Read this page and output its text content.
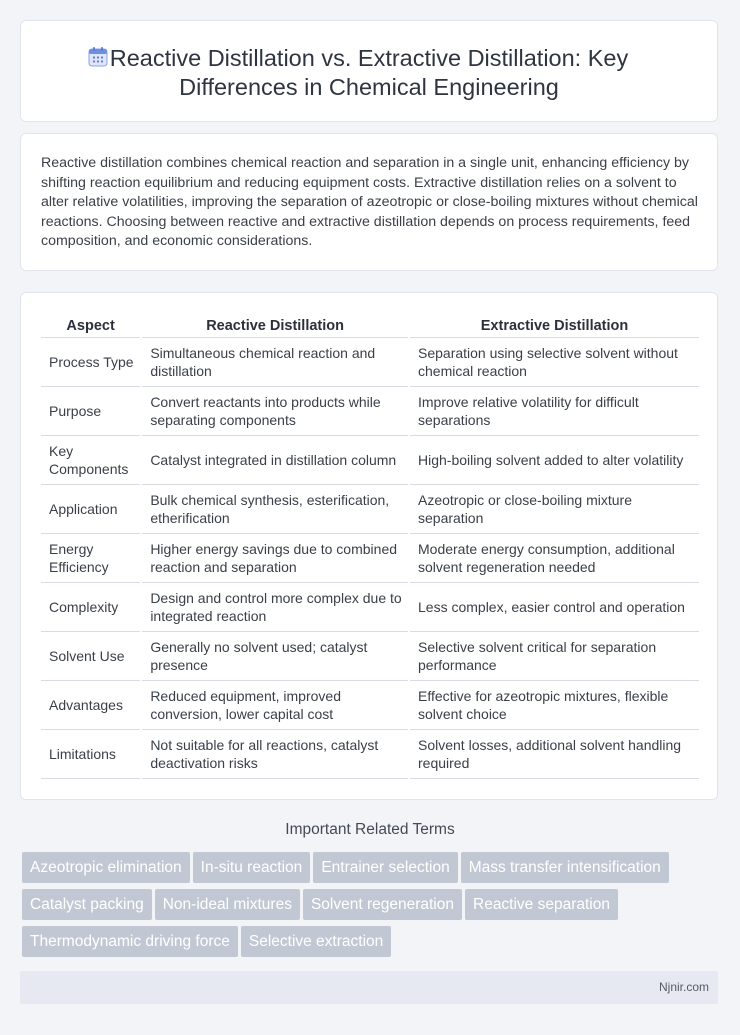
Reactive Distillation vs. Extractive Distillation: Key
Differences in Chemical Engineering
Reactive distillation combines chemical reaction and separation in a single unit, enhancing efficiency by shifting reaction equilibrium and reducing equipment costs. Extractive distillation relies on a solvent to alter relative volatilities, improving the separation of azeotropic or close-boiling mixtures without chemical reactions. Choosing between reactive and extractive distillation depends on process requirements, feed composition, and economic considerations.
Aspect		Reactive Distillation		Extractive Distillation
Process Type		Simultaneous chemical reaction and distillation		Separation using selective solvent without chemical reaction
Purpose		Convert reactants into products while separating components		Improve relative volatility for difficult separations
Key Components		Catalyst integrated in distillation column		High-boiling solvent added to alter volatility
Application		Bulk chemical synthesis, esterification, etherification		Azeotropic or close-boiling mixture separation
Energy Efficiency		Higher energy savings due to combined reaction and separation		Moderate energy consumption, additional solvent regeneration needed
Complexity		Design and control more complex due to integrated reaction		Less complex, easier control and operation
Solvent Use		Generally no solvent used; catalyst presence		Selective solvent critical for separation performance
Advantages		Reduced equipment, improved conversion, lower capital cost		Effective for azeotropic mixtures, flexible solvent choice
Limitations		Not suitable for all reactions, catalyst deactivation risks		Solvent losses, additional solvent handling required
Important Related Terms
Azeotropic elimination In-situ reaction Entrainer selection Mass transfer intensificationCatalyst packing Non-ideal mixtures Solvent regeneration Reactive separationThermodynamic driving force Selective extraction
Njnir.com
